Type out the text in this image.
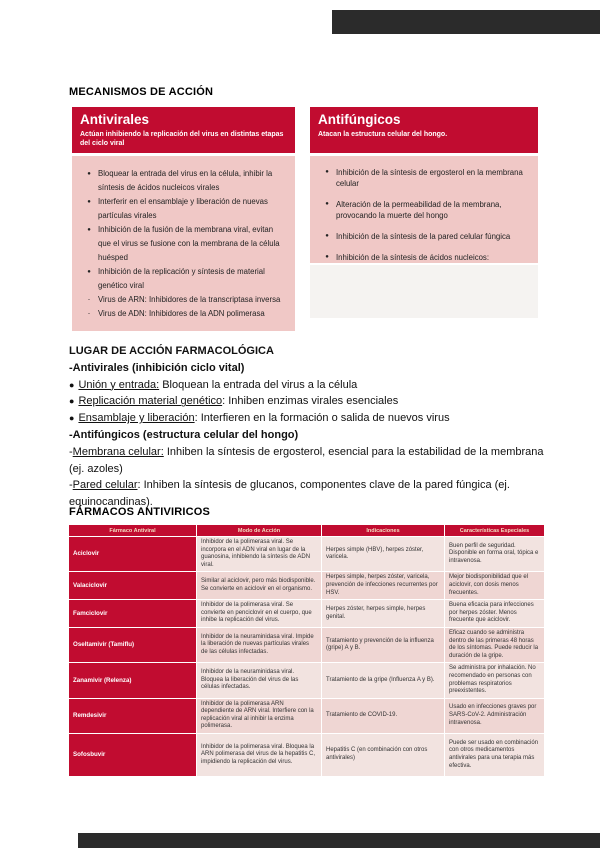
MECANISMOS DE ACCIÓN
Antivirales
Actúan inhibiendo la replicación del virus en distintas etapas del ciclo viral
● Bloquear la entrada del virus en la célula, inhibir la síntesis de ácidos nucleicos virales
● Interferir en el ensamblaje y liberación de nuevas partículas virales
● Inhibición de la fusión de la membrana viral, evitan que el virus se fusione con la membrana de la célula huésped
● Inhibición de la replicación y síntesis de material genético viral
-	Virus de ARN: Inhibidores de la transcriptasa inversa
-	Virus de ADN: Inhibidores de la ADN polimerasa
Antifúngicos
Atacan la estructura celular del hongo.
● Inhibición de la síntesis de ergosterol en la membrana celular
● Alteración de la permeabilidad de la membrana, provocando la muerte del hongo
● Inhibición de la síntesis de la pared celular fúngica
● Inhibición de la síntesis de ácidos nucleicos:
LUGAR DE ACCIÓN FARMACOLÓGICA
-Antivirales (inhibición ciclo vital)
● Unión y entrada: Bloquean la entrada del virus a la célula
● Replicación material genético: Inhiben enzimas virales esenciales
● Ensamblaje y liberación: Interfieren en la formación o salida de nuevos virus
-Antifúngicos (estructura celular del hongo)
-Membrana celular: Inhiben la síntesis de ergosterol, esencial para la estabilidad de la membrana (ej. azoles)
-Pared celular: Inhiben la síntesis de glucanos, componentes clave de la pared fúngica (ej. equinocandinas).
FÁRMACOS ANTIVIRICOS
Fármaco Antiviral	Modo de Acción	Indicaciones	Características Especiales
Aciclovir	Inhibidor de la polimerasa viral. Se incorpora en el ADN viral en lugar de la guanosina, inhibiendo la síntesis de ADN viral.	Herpes simple (HBV), herpes zóster, varicela.	Buen perfil de seguridad. Disponible en forma oral, tópica e intravenosa.
Valaciclovir	Similar al aciclovir, pero más biodisponible. Se convierte en aciclovir en el organismo.	Herpes simple, herpes zóster, varicela, prevención de infecciones recurrentes por HSV.	Mejor biodisponibilidad que el aciclovir, con dosis menos frecuentes.
Famciclovir	Inhibidor de la polimerasa viral. Se convierte en penciclovir en el cuerpo, que inhibe la replicación del virus.	Herpes zóster, herpes simple, herpes genital.	Buena eficacia para infecciones por herpes zóster. Menos frecuente que aciclovir.
Oseltamivir (Tamiflu)	Inhibidor de la neuraminidasa viral. Impide la liberación de nuevas partículas virales de las células infectadas.	Tratamiento y prevención de la influenza (gripe) A y B.	Eficaz cuando se administra dentro de las primeras 48 horas de los síntomas. Puede reducir la duración de la gripe.
Zanamivir (Relenza)	Inhibidor de la neuraminidasa viral. Bloquea la liberación del virus de las células infectadas.	Tratamiento de la gripe (Influenza A y B).	Se administra por inhalación. No recomendado en personas con problemas respiratorios preexistentes.
Remdesivir	Inhibidor de la polimerasa ARN dependiente de ARN viral. Interfiere con la replicación viral al inhibir la enzima polimerasa.	Tratamiento de COVID-19.	Usado en infecciones graves por SARS-CoV-2. Administración intravenosa.
Sofosbuvir	Inhibidor de la polimerasa viral. Bloquea la ARN polimerasa del virus de la hepatitis C, impidiendo la replicación del virus.	Hepatitis C (en combinación con otros antivirales)	Puede ser usado en combinación con otros medicamentos antivirales para una terapia más efectiva.
